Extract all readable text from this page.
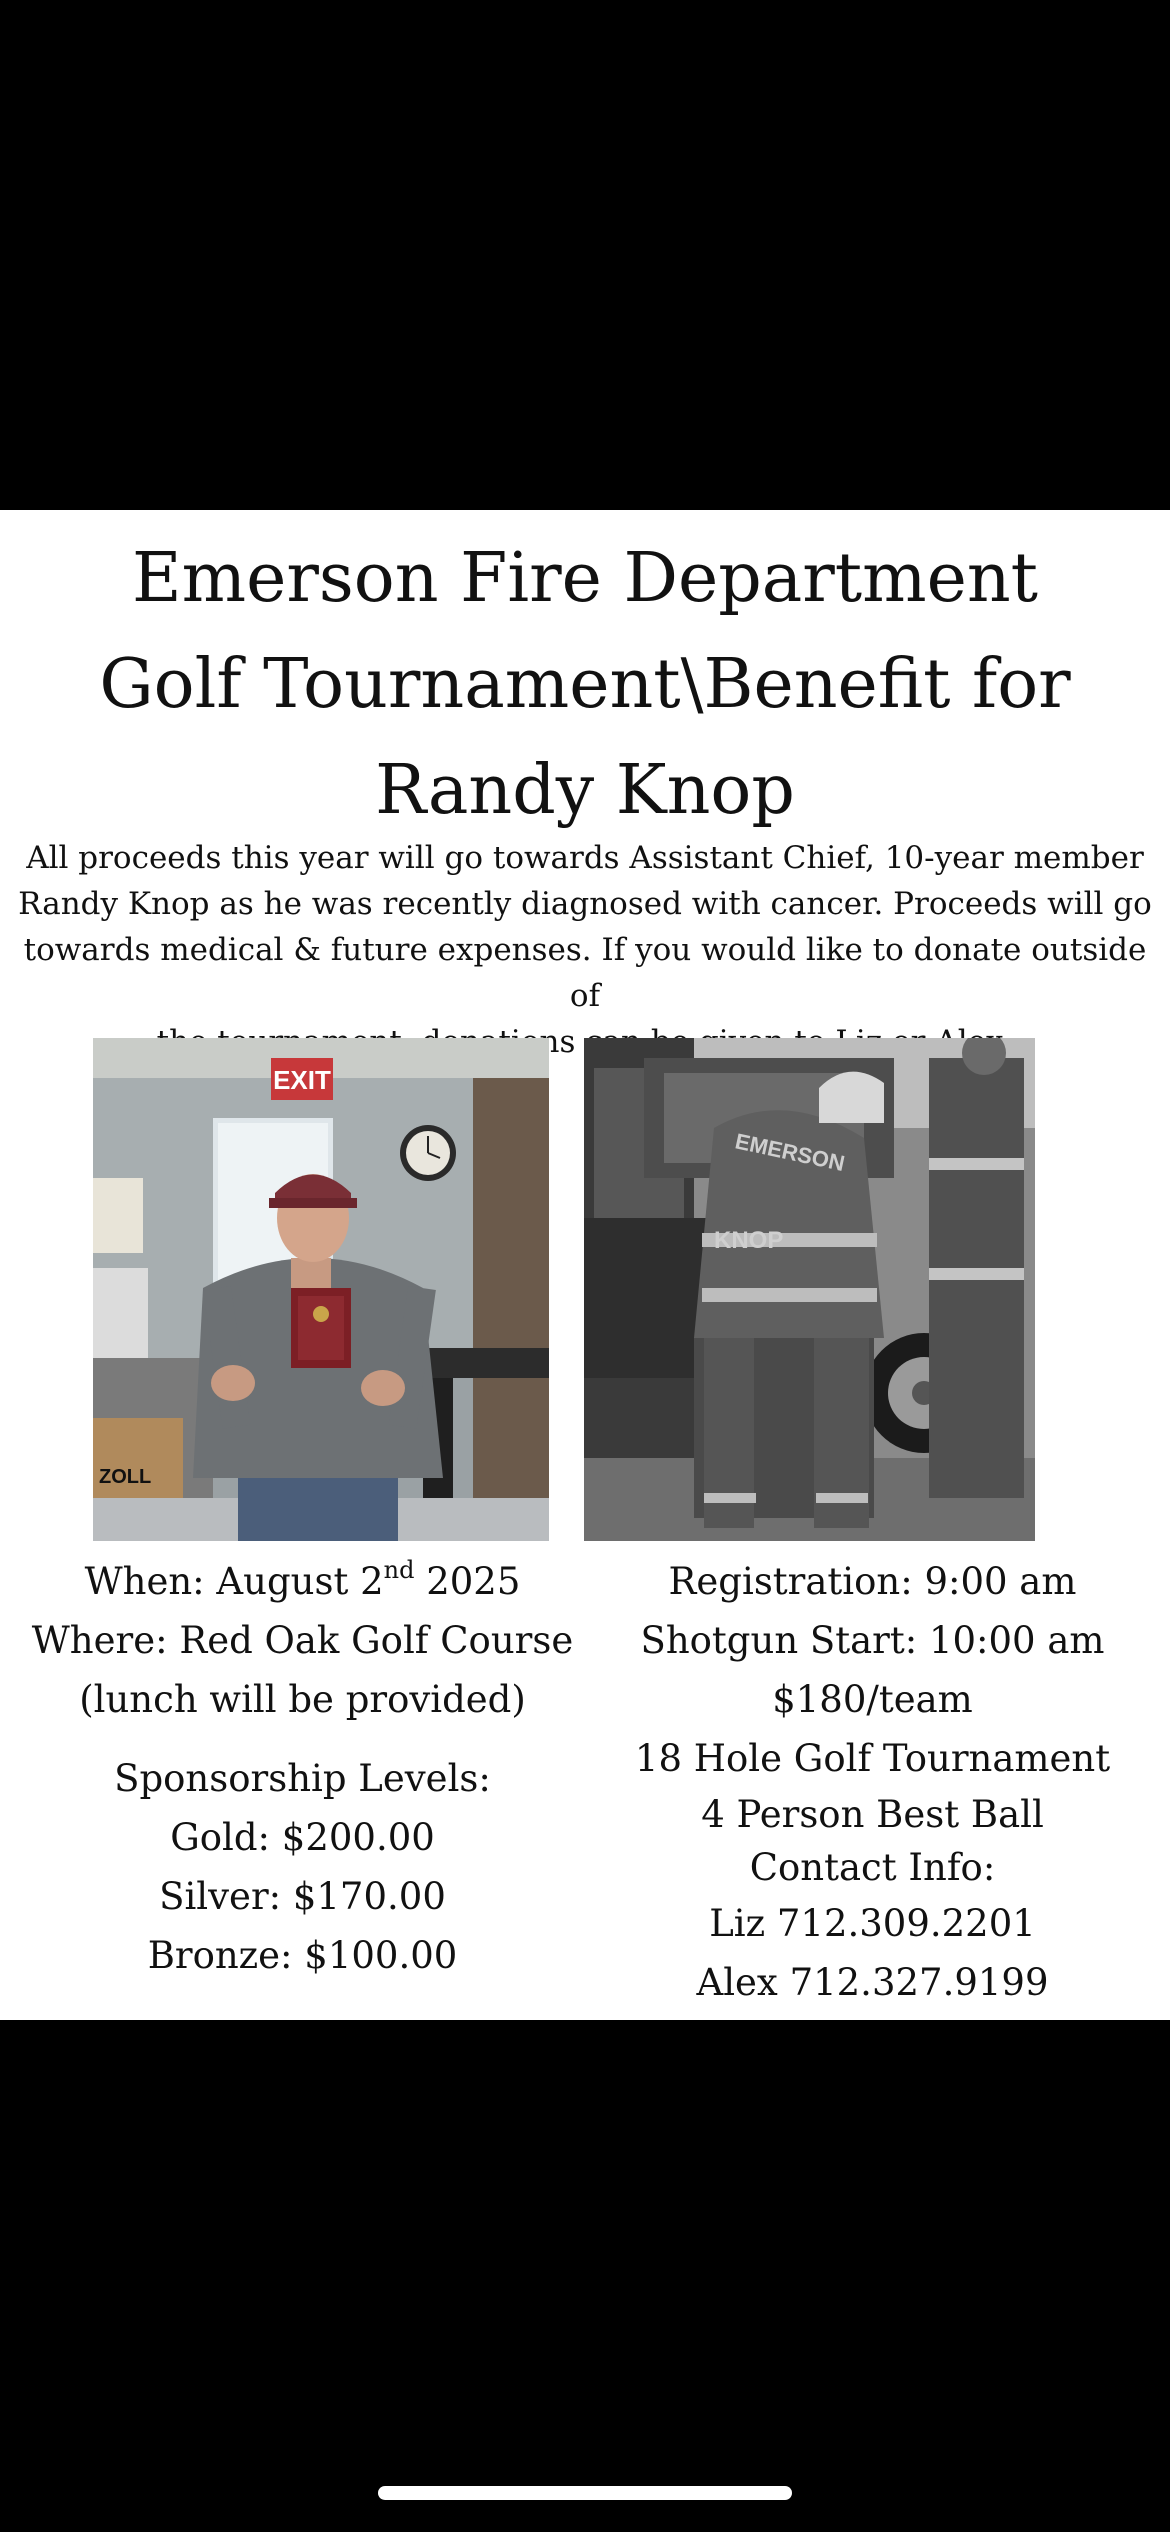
Emerson Fire Department
Golf Tournament\Benefit for
Randy Knop
All proceeds this year will go towards Assistant Chief, 10-year member
Randy Knop as he was recently diagnosed with cancer. Proceeds will go
towards medical & future expenses. If you would like to donate outside of
EXIT
ZOLL
EMERSON
KNOP
When: August 2nd 2025
Where: Red Oak Golf Course
(lunch will be provided)
Sponsorship Levels:
Gold: $200.00
Silver: $170.00
Bronze: $100.00
Registration: 9:00 am
Shotgun Start: 10:00 am
$180/team
18 Hole Golf Tournament
4 Person Best Ball
Contact Info:
Liz 712.309.2201
Alex 712.327.9199
